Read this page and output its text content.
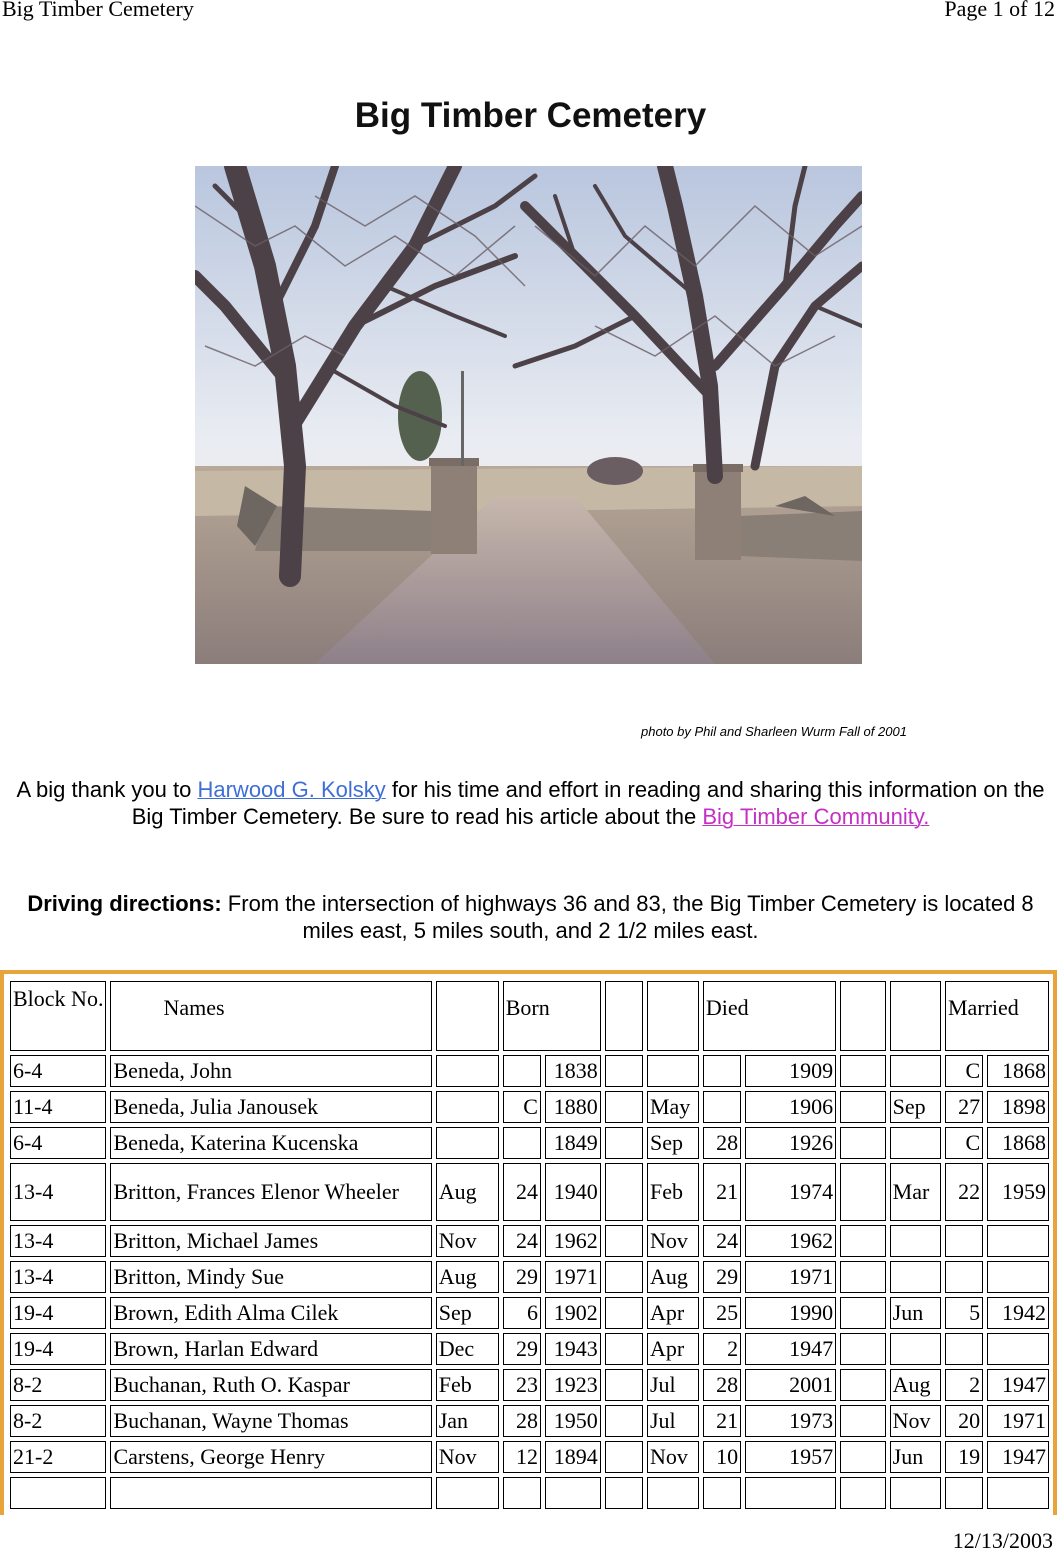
Big Timber Cemetery	Page 1 of 12
Big Timber Cemetery
photo by Phil and Sharleen Wurm Fall of 2001
A big thank you to Harwood G. Kolsky for his time and effort in reading and sharing this information on the Big Timber Cemetery. Be sure to read his article about the Big Timber Community.
Driving directions: From the intersection of highways 36 and 83, the Big Timber Cemetery is located 8 miles east, 5 miles south, and 2 1/2 miles east.
Block No.	Names		Born				Died				Married	
6-4	Beneda, John			1838				1909			C	1868
11-4	Beneda, Julia Janousek		C	1880		May		1906		Sep	27	1898
6-4	Beneda, Katerina Kucenska			1849		Sep	28	1926			C	1868
13-4	Britton, Frances Elenor Wheeler	Aug	24	1940		Feb	21	1974		Mar	22	1959
13-4	Britton, Michael James	Nov	24	1962		Nov	24	1962				
13-4	Britton, Mindy Sue	Aug	29	1971		Aug	29	1971				
19-4	Brown, Edith Alma Cilek	Sep	6	1902		Apr	25	1990		Jun	5	1942
19-4	Brown, Harlan Edward	Dec	29	1943		Apr	2	1947				
8-2	Buchanan, Ruth O. Kaspar	Feb	23	1923		Jul	28	2001		Aug	2	1947
8-2	Buchanan, Wayne Thomas	Jan	28	1950		Jul	21	1973		Nov	20	1971
21-2	Carstens, George Henry	Nov	12	1894		Nov	10	1957		Jun	19	1947

12/13/2003
